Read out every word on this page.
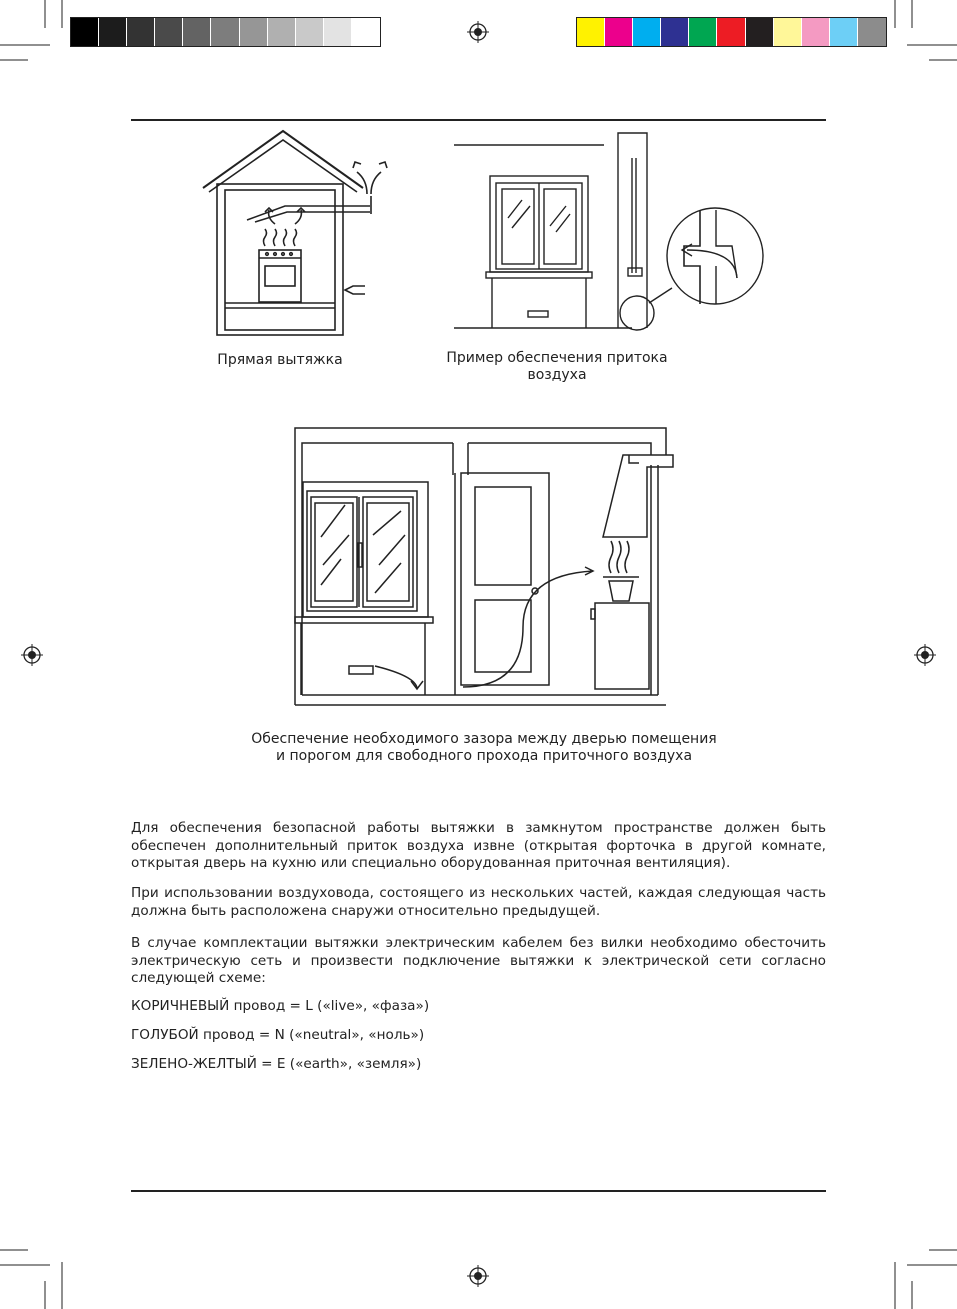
Прямая вытяжка	Пример обеспечения притока
воздуха
Обеспечение необходимого зазора между дверью помещения
и порогом для свободного прохода приточного воздуха

Для обеспечения безопасной работы вытяжки в замкнутом пространстве должен быть обеспечен дополнительный приток воздуха извне (открытая форточка в другой комнате, открытая дверь на кухню или специально оборудованная приточная вентиляция).

При использовании воздуховода, состоящего из нескольких частей, каждая следующая часть должна быть расположена снаружи относительно предыдущей.

В случае комплектации вытяжки электрическим кабелем без вилки необходимо обесточить электрическую сеть и произвести подключение вытяжки к электрической сети согласно следующей схеме:

КОРИЧНЕВЫЙ провод = L («live», «фаза»)

ГОЛУБОЙ провод = N («neutral», «ноль»)

ЗЕЛЕНО-ЖЕЛТЫЙ = E («earth», «земля»)
